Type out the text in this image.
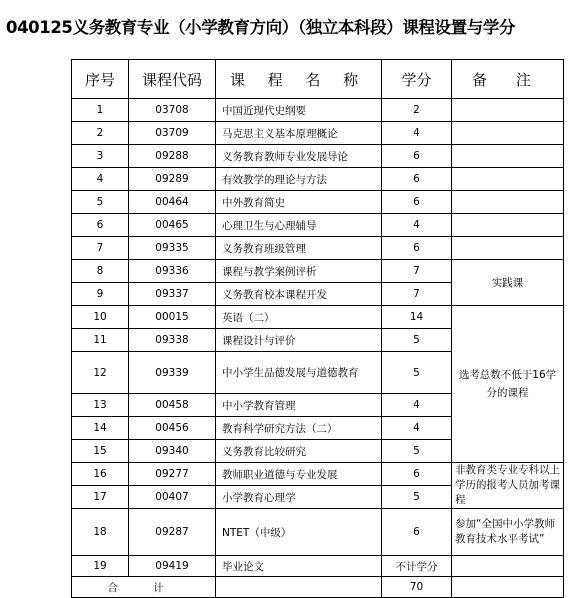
040125义务教育专业（小学教育方向）（独立本科段）课程设置与学分
序号	课程代码	课 程 名 称	学分	备 注
1	03708	中国近现代史纲要	2	
2	03709	马克思主义基本原理概论	4	
3	09288	义务教育教师专业发展导论	6	
4	09289	有效教学的理论与方法	6	
5	00464	中外教育简史	6	
6	00465	心理卫生与心理辅导	4	
7	09335	义务教育班级管理	6	
8	09336	课程与教学案例评析	7	实践课
9	09337	义务教育校本课程开发	7	
10	00015	英语（二）	14	选考总数不低于16学分的课程
11	09338	课程设计与评价	5	
12	09339	中小学生品德发展与道德教育	5	
13	00458	中小学教育管理	4	
14	00456	教育科学研究方法（二）	4	
15	09340	义务教育比较研究	5	
16	09277	教师职业道德与专业发展	6	非教育类专业专科以上学历的报考人员加考课程
17	00407	小学教育心理学	5	
18	09287	NTET（中级）	6	参加“全国中小学教师教育技术水平考试”
19	09419	毕业论文	不计学分	
合 计			70	
